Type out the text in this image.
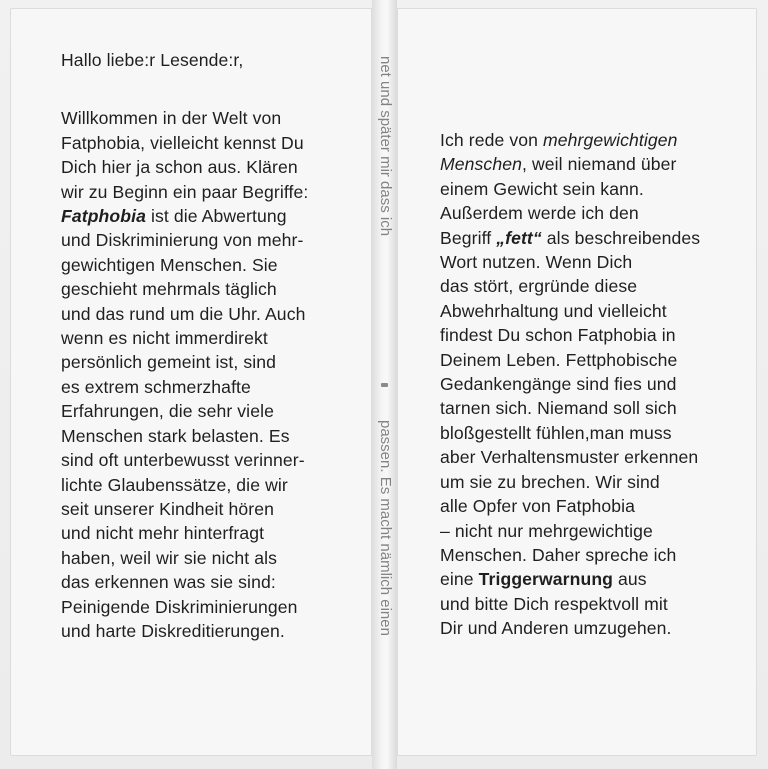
Hallo liebe:r Lesende:r,
Willkommen in der Welt von
Fatphobia, vielleicht kennst Du
Dich hier ja schon aus. Klären
wir zu Beginn ein paar Begriffe:
Fatphobia ist die Abwertung
und Diskriminierung von mehr-
gewichtigen Menschen. Sie
geschieht mehrmals täglich
und das rund um die Uhr. Auch
wenn es nicht immerdirekt
persönlich gemeint ist, sind
es extrem schmerzhafte
Erfahrungen, die sehr viele
Menschen stark belasten. Es
sind oft unterbewusst verinner-
lichte Glaubenssätze, die wir
seit unserer Kindheit hören
und nicht mehr hinterfragt
haben, weil wir sie nicht als
das erkennen was sie sind:
Peinigende Diskriminierungen
und harte Diskreditierungen.
net und später mir dass ich
passen. Es macht nämlich einen
Ich rede von mehrgewichtigen
Menschen, weil niemand über
einem Gewicht sein kann.
Außerdem werde ich den
Begriff „fett“ als beschreibendes
Wort nutzen. Wenn Dich
das stört, ergründe diese
Abwehrhaltung und vielleicht
findest Du schon Fatphobia in
Deinem Leben. Fettphobische
Gedankengänge sind fies und
tarnen sich. Niemand soll sich
bloßgestellt fühlen,man muss
aber Verhaltensmuster erkennen
um sie zu brechen. Wir sind
alle Opfer von Fatphobia
– nicht nur mehrgewichtige
Menschen. Daher spreche ich
eine Triggerwarnung aus
und bitte Dich respektvoll mit
Dir und Anderen umzugehen.
